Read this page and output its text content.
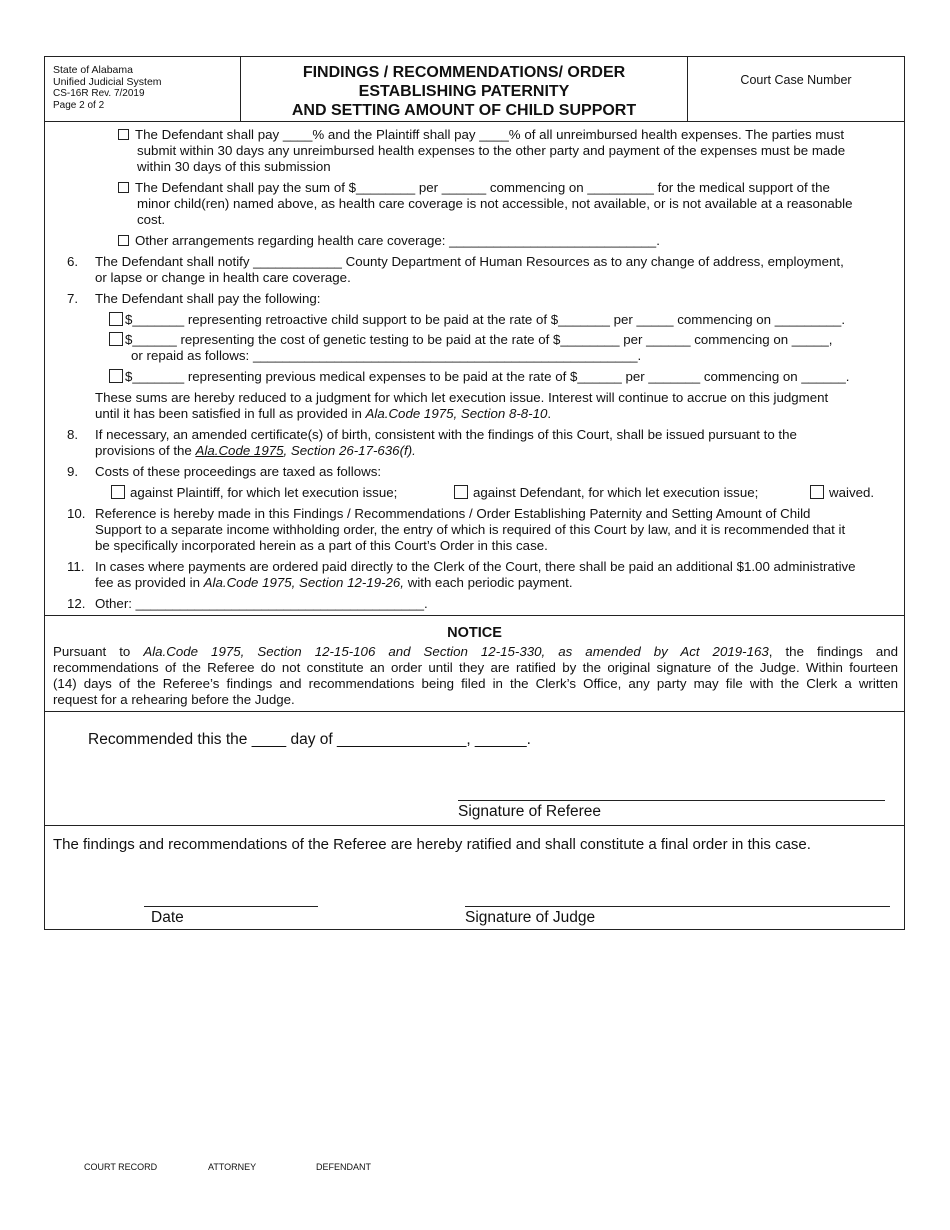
State of Alabama
Unified Judicial System
CS-16R Rev. 7/2019
Page 2 of 2
FINDINGS / RECOMMENDATIONS/ ORDER
ESTABLISHING PATERNITY
AND SETTING AMOUNT OF CHILD SUPPORT
Court Case Number
The Defendant shall pay ____% and the Plaintiff shall pay ____% of all unreimbursed health expenses. The parties must
submit within 30 days any unreimbursed health expenses to the other party and payment of the expenses must be made
within 30 days of this submission
The Defendant shall pay the sum of $________ per ______ commencing on _________ for the medical support of the
minor child(ren) named above, as health care coverage is not accessible, not available, or is not available at a reasonable
cost.
Other arrangements regarding health care coverage: ____________________________.
6. The Defendant shall notify ____________ County Department of Human Resources as to any change of address, employment,
or lapse or change in health care coverage.
7. The Defendant shall pay the following:
$_______ representing retroactive child support to be paid at the rate of $_______ per _____ commencing on _________.
$______ representing the cost of genetic testing to be paid at the rate of $________ per ______ commencing on _____,
or repaid as follows: ____________________________________________________.
$_______ representing previous medical expenses to be paid at the rate of $______ per _______ commencing on ______.
These sums are hereby reduced to a judgment for which let execution issue. Interest will continue to accrue on this judgment
until it has been satisfied in full as provided in Ala.Code 1975, Section 8-8-10.
8. If necessary, an amended certificate(s) of birth, consistent with the findings of this Court, shall be issued pursuant to the
provisions of the Ala.Code 1975, Section 26-17-636(f).
9. Costs of these proceedings are taxed as follows:
against Plaintiff, for which let execution issue;	against Defendant, for which let execution issue;	waived.
10. Reference is hereby made in this Findings / Recommendations / Order Establishing Paternity and Setting Amount of Child
Support to a separate income withholding order, the entry of which is required of this Court by law, and it is recommended that it
be specifically incorporated herein as a part of this Court’s Order in this case.
11. In cases where payments are ordered paid directly to the Clerk of the Court, there shall be paid an additional $1.00 administrative
fee as provided in Ala.Code 1975, Section 12-19-26, with each periodic payment.
12. Other: _______________________________________.
NOTICE
Pursuant to Ala.Code 1975, Section 12-15-106 and Section 12-15-330, as amended by Act 2019-163, the findings and
recommendations of the Referee do not constitute an order until they are ratified by the original signature of the Judge. Within fourteen
(14) days of the Referee’s findings and recommendations being filed in the Clerk’s Office, any party may file with the Clerk a written
request for a rehearing before the Judge.
Recommended this the ____ day of _______________, ______.
Signature of Referee
The findings and recommendations of the Referee are hereby ratified and shall constitute a final order in this case.
Date	Signature of Judge
COURT RECORD	ATTORNEY	DEFENDANT
